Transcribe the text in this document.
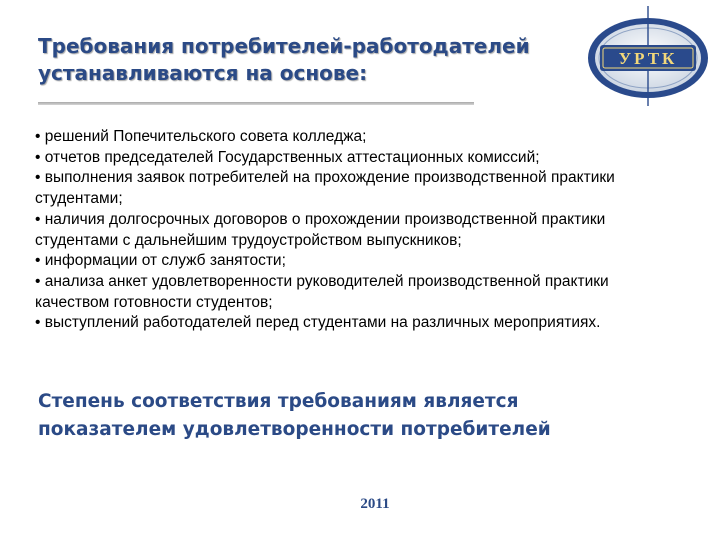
Требования потребителей-работодателей
устанавливаются на основе:
УРТК
• решений Попечительского совета колледжа;
• отчетов председателей Государственных аттестационных комиссий;
• выполнения заявок потребителей на прохождение производственной практики студентами;
• наличия долгосрочных договоров о прохождении производственной практики студентами с дальнейшим трудоустройством выпускников;
• информации от служб занятости;
• анализа анкет удовлетворенности руководителей производственной практики качеством готовности студентов;
• выступлений работодателей перед студентами на различных мероприятиях.
Степень соответствия требованиям является
показателем удовлетворенности потребителей
2011
